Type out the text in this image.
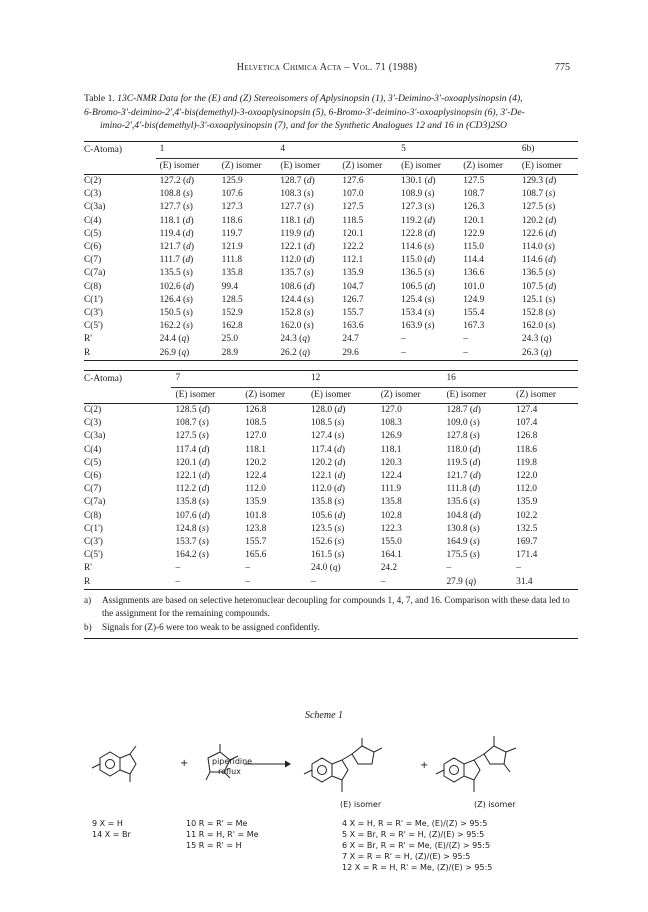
Helvetica Chimica Acta – Vol. 71 (1988)	775
Table 1. 13C-NMR Data for the (E) and (Z) Stereoisomers of Aplysinopsin (1), 3'-Deimino-3'-oxoaplysinopsin (4),
6-Bromo-3'-deimino-2',4'-bis(demethyl)-3-oxoaplysinopsin (5), 6-Bromo-3'-deimino-3'-oxoaplysinopsin (6), 3'-De-

imino-2',4'-bis(demethyl)-3'-oxoaplysinopsin (7), and for the Synthetic Analogues 12 and 16 in (CD3)2SO
C-Atoma)	1		4		5		6b)
	(E) isomer	(Z) isomer	(E) isomer	(Z) isomer	(E) isomer	(Z) isomer	(E) isomer
C(2)	127.2 (d)	125.9	128.7 (d)	127.6	130.1 (d)	127.5	129.3 (d)
C(3)	108.8 (s)	107.6	108.3 (s)	107.0	108.9 (s)	108.7	108.7 (s)
C(3a)	127.7 (s)	127.3	127.7 (s)	127.5	127.3 (s)	126.3	127.5 (s)
C(4)	118.1 (d)	118.6	118.1 (d)	118.5	119.2 (d)	120.1	120.2 (d)
C(5)	119.4 (d)	119.7	119.9 (d)	120.1	122.8 (d)	122.9	122.6 (d)
C(6)	121.7 (d)	121.9	122.1 (d)	122.2	114.6 (s)	115.0	114.0 (s)
C(7)	111.7 (d)	111.8	112.0 (d)	112.1	115.0 (d)	114.4	114.6 (d)
C(7a)	135.5 (s)	135.8	135.7 (s)	135.9	136.5 (s)	136.6	136.5 (s)
C(8)	102.6 (d)	99.4	108.6 (d)	104.7	106.5 (d)	101.0	107.5 (d)
C(1')	126.4 (s)	128.5	124.4 (s)	126.7	125.4 (s)	124.9	125.1 (s)
C(3')	150.5 (s)	152.9	152.8 (s)	155.7	153.4 (s)	155.4	152.8 (s)
C(5')	162.2 (s)	162.8	162.0 (s)	163.6	163.9 (s)	167.3	162.0 (s)
R'	24.4 (q)	25.0	24.3 (q)	24.7	–	–	24.3 (q)
R	26.9 (q)	28.9	26.2 (q)	29.6	–	–	26.3 (q)
C-Atoma)	7		12		16	
	(E) isomer	(Z) isomer	(E) isomer	(Z) isomer	(E) isomer	(Z) isomer
C(2)	128.5 (d)	126.8	128.0 (d)	127.0	128.7 (d)	127.4
C(3)	108.7 (s)	108.5	108.5 (s)	108.3	109.0 (s)	107.4
C(3a)	127.5 (s)	127.0	127.4 (s)	126.9	127.8 (s)	126.8
C(4)	117.4 (d)	118.1	117.4 (d)	118.1	118.0 (d)	118.6
C(5)	120.1 (d)	120.2	120.2 (d)	120.3	119.5 (d)	119.8
C(6)	122.1 (d)	122.4	122.1 (d)	122.4	121.7 (d)	122.0
C(7)	112.2 (d)	112.0	112.0 (d)	111.9	111.8 (d)	112.0
C(7a)	135.8 (s)	135.9	135.8 (s)	135.8	135.6 (s)	135.9
C(8)	107.6 (d)	101.8	105.6 (d)	102.8	104.8 (d)	102.2
C(1')	124.8 (s)	123.8	123.5 (s)	122.3	130.8 (s)	132.5
C(3')	153.7 (s)	155.7	152.6 (s)	155.0	164.9 (s)	169.7
C(5')	164.2 (s)	165.6	161.5 (s)	164.1	175.5 (s)	171.4
R'	–	–	24.0 (q)	24.2	–	–
R	–	–	–	–	27.9 (q)	31.4
a)	Assignments are based on selective heteronuclear decoupling for compounds 1, 4, 7, and 16. Comparison with these data led to the assignment for the remaining compounds.
b)	Signals for (Z)-6 were too weak to be assigned confidently.
Scheme 1
piperidine
reflux
+	+
(E) isomer	(Z) isomer
9 X = H
14 X = Br
10 R = R' = Me
11 R = H, R' = Me
15 R = R' = H
4 X = H, R = R' = Me, (E)/(Z) > 95:5
5 X = Br, R = R' = H, (Z)/(E) > 95:5
6 X = Br, R = R' = Me, (E)/(Z) > 95:5
7 X = R = R' = H, (Z)/(E) > 95:5
12 X = R = H, R' = Me, (Z)/(E) > 95:5
